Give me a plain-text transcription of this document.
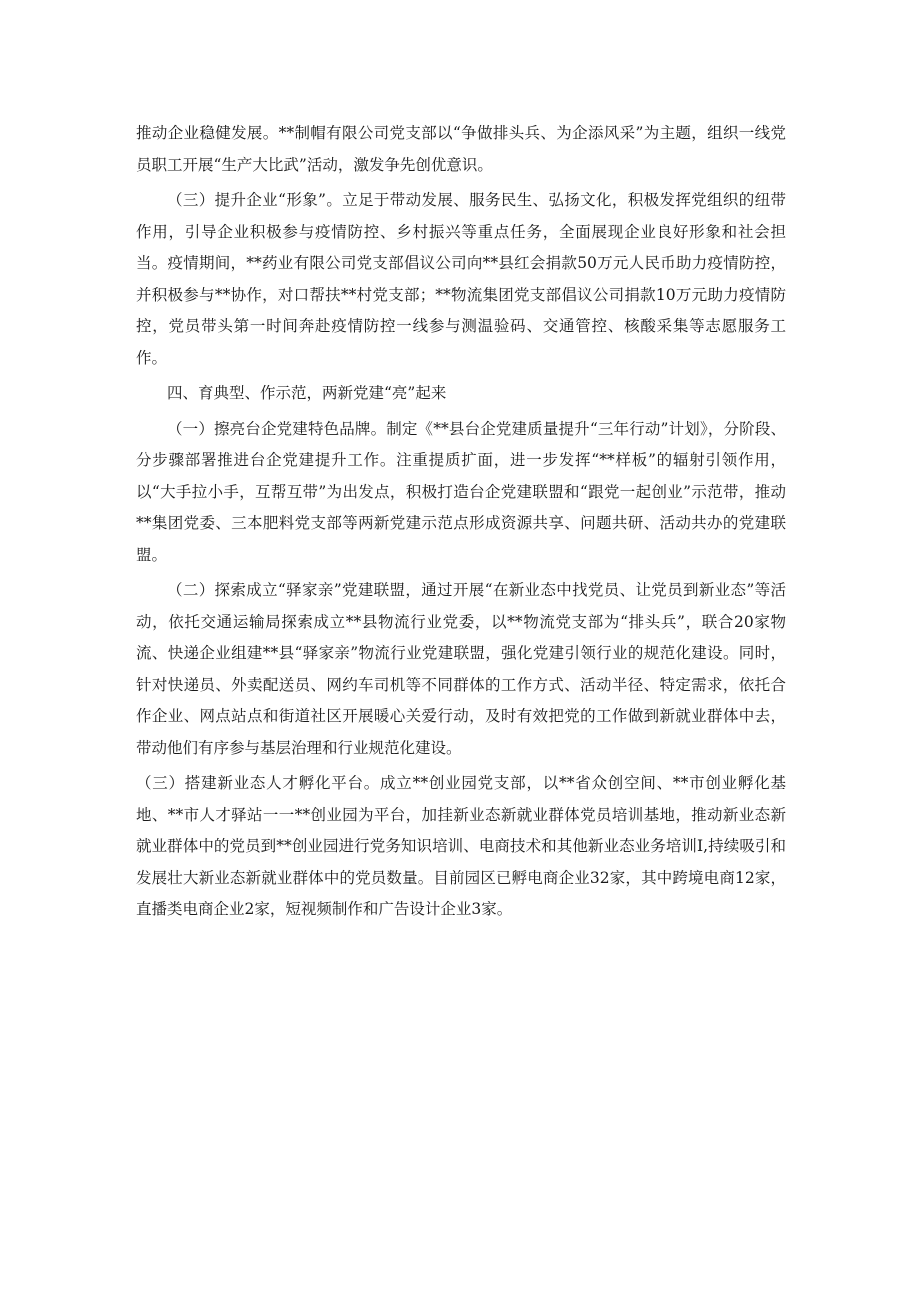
推动企业稳健发展。**制帽有限公司党支部以“争做排头兵、为企添风采”为主题，组织一线党员职工开展“生产大比武”活动，激发争先创优意识。

（三）提升企业“形象”。立足于带动发展、服务民生、弘扬文化，积极发挥党组织的纽带作用，引导企业积极参与疫情防控、乡村振兴等重点任务，全面展现企业良好形象和社会担当。疫情期间，**药业有限公司党支部倡议公司向**县红会捐款50万元人民币助力疫情防控，并积极参与**协作，对口帮扶**村党支部；**物流集团党支部倡议公司捐款10万元助力疫情防控，党员带头第一时间奔赴疫情防控一线参与测温验码、交通管控、核酸采集等志愿服务工作。

四、育典型、作示范，两新党建“亮”起来

（一）擦亮台企党建特色品牌。制定《**县台企党建质量提升“三年行动”计划》，分阶段、分步骤部署推进台企党建提升工作。注重提质扩面，进一步发挥“**样板”的辐射引领作用，以“大手拉小手，互帮互带”为出发点，积极打造台企党建联盟和“跟党一起创业”示范带，推动**集团党委、三本肥料党支部等两新党建示范点形成资源共享、问题共研、活动共办的党建联盟。

（二）探索成立“驿家亲”党建联盟，通过开展“在新业态中找党员、让党员到新业态”等活动，依托交通运输局探索成立**县物流行业党委，以**物流党支部为“排头兵”，联合20家物流、快递企业组建**县“驿家亲”物流行业党建联盟，强化党建引领行业的规范化建设。同时，针对快递员、外卖配送员、网约车司机等不同群体的工作方式、活动半径、特定需求，依托合作企业、网点站点和街道社区开展暖心关爱行动，及时有效把党的工作做到新就业群体中去，带动他们有序参与基层治理和行业规范化建设。

（三）搭建新业态人才孵化平台。成立**创业园党支部，以**省众创空间、**市创业孵化基地、**市人才驿站一一**创业园为平台，加挂新业态新就业群体党员培训基地，推动新业态新就业群体中的党员到**创业园进行党务知识培训、电商技术和其他新业态业务培训I,持续吸引和发展壮大新业态新就业群体中的党员数量。目前园区已孵电商企业32家，其中跨境电商12家，直播类电商企业2家，短视频制作和广告设计企业3家。
